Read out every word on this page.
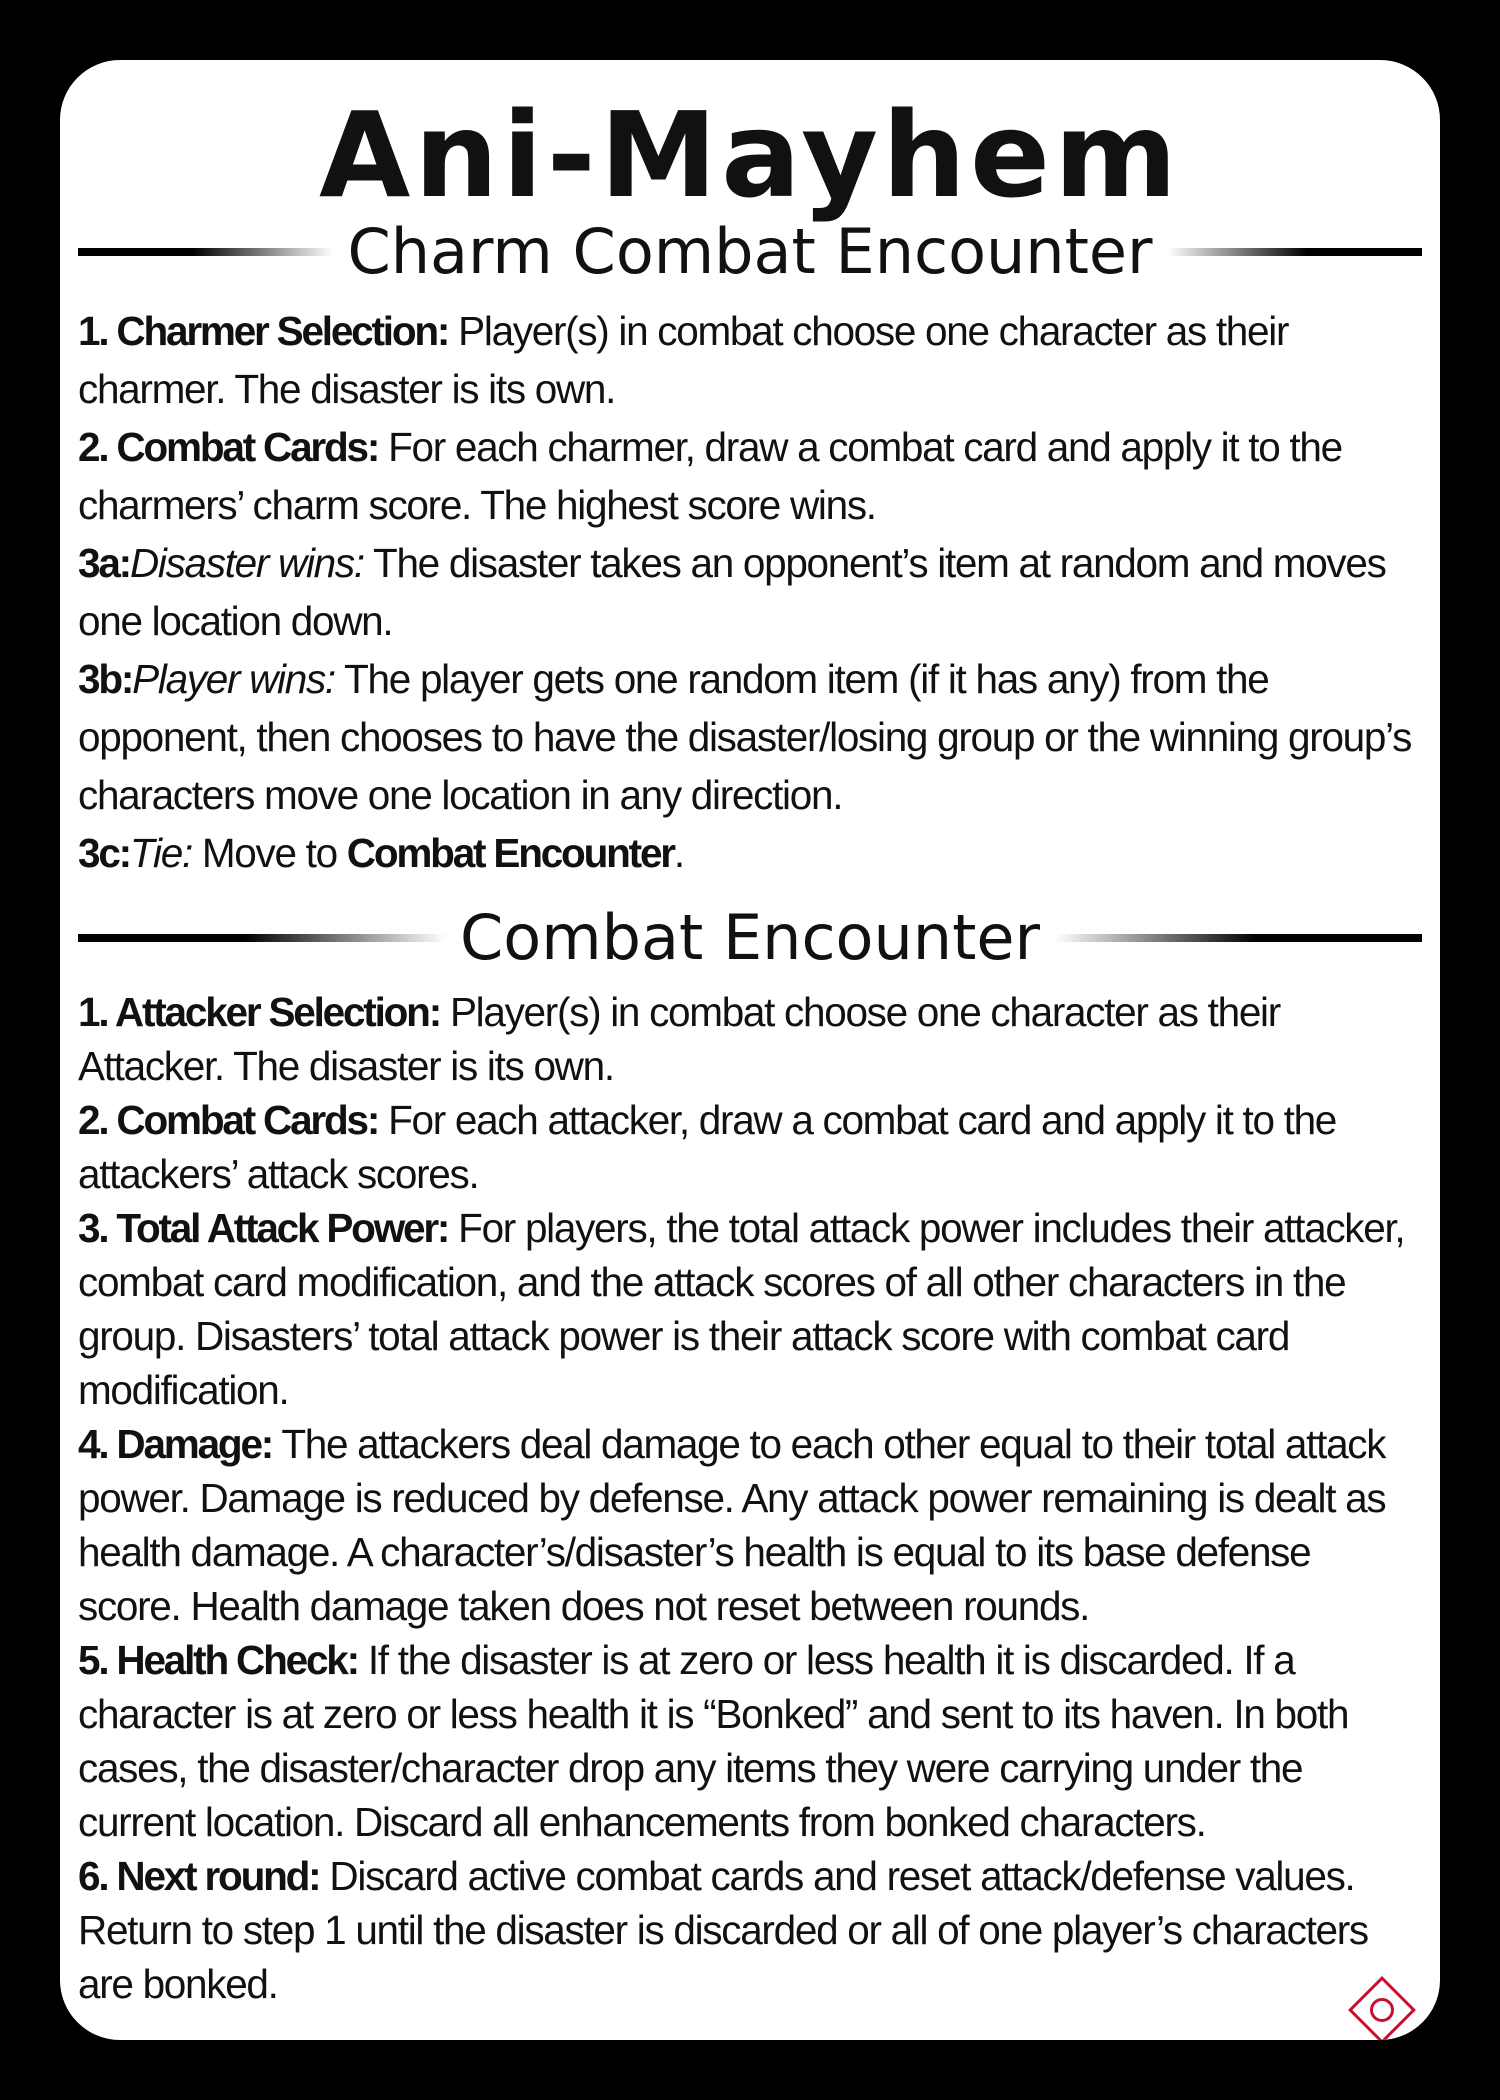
Ani-Mayhem
Charm Combat Encounter
1. Charmer Selection: Player(s) in combat choose one character as their charmer. The disaster is its own.
2. Combat Cards: For each charmer, draw a combat card and apply it to the charmers’ charm score. The highest score wins.
3a:Disaster wins: The disaster takes an opponent’s item at random and moves one location down.
3b:Player wins: The player gets one random item (if it has any) from the opponent, then chooses to have the disaster/losing group or the winning group’s characters move one location in any direction.
3c:Tie: Move to Combat Encounter.
Combat Encounter
1. Attacker Selection: Player(s) in combat choose one character as their Attacker. The disaster is its own.
2. Combat Cards: For each attacker, draw a combat card and apply it to the attackers’ attack scores.
3. Total Attack Power: For players, the total attack power includes their attacker, combat card modification, and the attack scores of all other characters in the group. Disasters’ total attack power is their attack score with combat card modification.
4. Damage: The attackers deal damage to each other equal to their total attack power. Damage is reduced by defense. Any attack power remaining is dealt as health damage. A character’s/disaster’s health is equal to its base defense score. Health damage taken does not reset between rounds.
5. Health Check: If the disaster is at zero or less health it is discarded. If a character is at zero or less health it is “Bonked” and sent to its haven. In both cases, the disaster/character drop any items they were carrying under the current location. Discard all enhancements from bonked characters.
6. Next round: Discard active combat cards and reset attack/defense values. Return to step 1 until the disaster is discarded or all of one player’s characters are bonked.
